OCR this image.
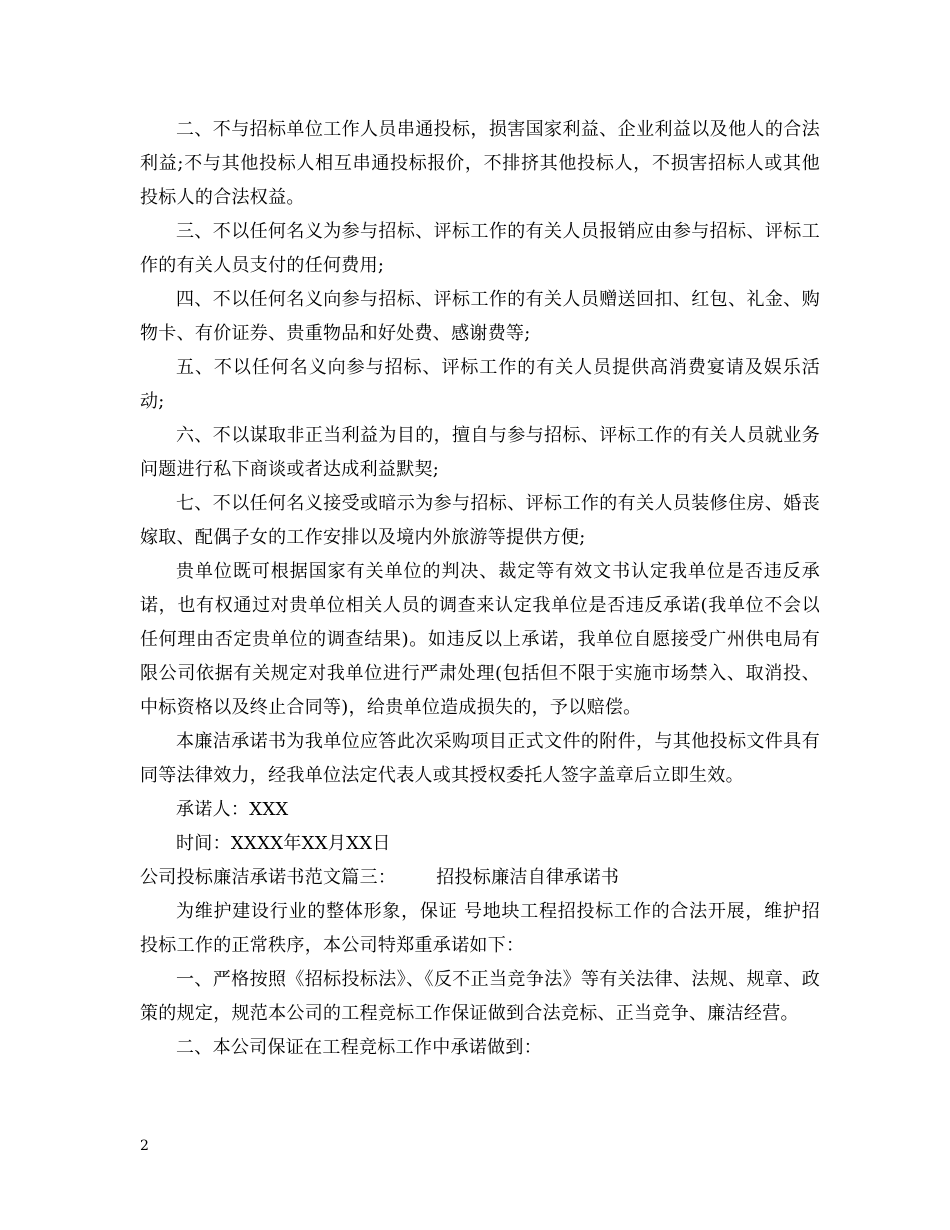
二、不与招标单位工作人员串通投标，损害国家利益、企业利益以及他人的合法利益;不与其他投标人相互串通投标报价，不排挤其他投标人，不损害招标人或其他投标人的合法权益。

三、不以任何名义为参与招标、评标工作的有关人员报销应由参与招标、评标工作的有关人员支付的任何费用;

四、不以任何名义向参与招标、评标工作的有关人员赠送回扣、红包、礼金、购物卡、有价证券、贵重物品和好处费、感谢费等;

五、不以任何名义向参与招标、评标工作的有关人员提供高消费宴请及娱乐活动;

六、不以谋取非正当利益为目的，擅自与参与招标、评标工作的有关人员就业务问题进行私下商谈或者达成利益默契;

七、不以任何名义接受或暗示为参与招标、评标工作的有关人员装修住房、婚丧嫁取、配偶子女的工作安排以及境内外旅游等提供方便;

贵单位既可根据国家有关单位的判决、裁定等有效文书认定我单位是否违反承诺，也有权通过对贵单位相关人员的调查来认定我单位是否违反承诺(我单位不会以任何理由否定贵单位的调查结果)。如违反以上承诺，我单位自愿接受广州供电局有限公司依据有关规定对我单位进行严肃处理(包括但不限于实施市场禁入、取消投、中标资格以及终止合同等)，给贵单位造成损失的，予以赔偿。

本廉洁承诺书为我单位应答此次采购项目正式文件的附件，与其他投标文件具有同等法律效力，经我单位法定代表人或其授权委托人签字盖章后立即生效。

承诺人：XXX

时间：XXXX年XX月XX日

公司投标廉洁承诺书范文篇三： 招投标廉洁自律承诺书

为维护建设行业的整体形象，保证 号地块工程招投标工作的合法开展，维护招投标工作的正常秩序，本公司特郑重承诺如下：

一、严格按照《招标投标法》、《反不正当竞争法》等有关法律、法规、规章、政策的规定，规范本公司的工程竞标工作保证做到合法竞标、正当竞争、廉洁经营。

二、本公司保证在工程竞标工作中承诺做到：

2
